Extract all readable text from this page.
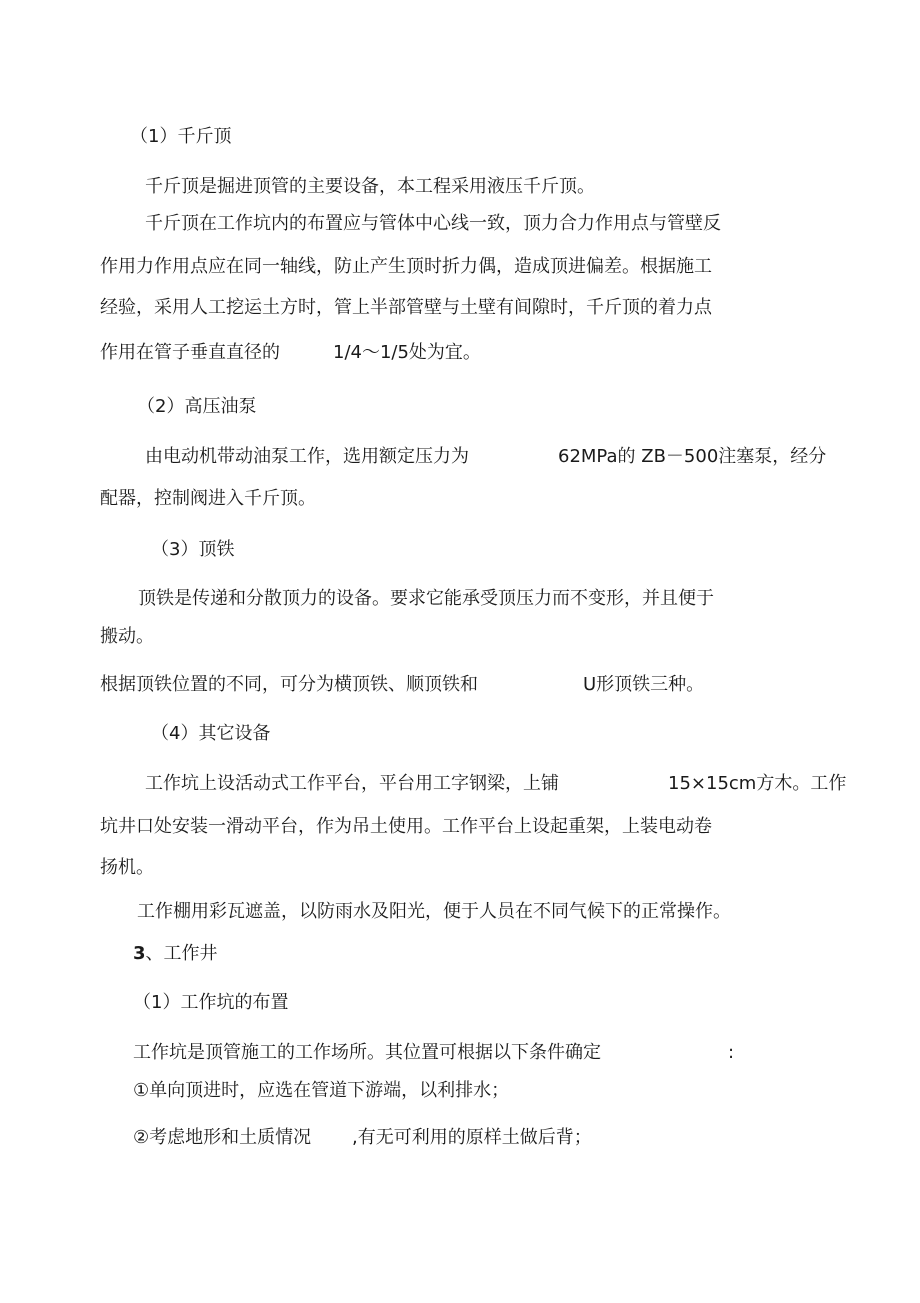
（1）千斤顶
千斤顶是掘进顶管的主要设备，本工程采用液压千斤顶。
千斤顶在工作坑内的布置应与管体中心线一致，顶力合力作用点与管壁反
作用力作用点应在同一轴线，防止产生顶时折力偶，造成顶进偏差。根据施工
经验，采用人工挖运土方时，管上半部管壁与土壁有间隙时，千斤顶的着力点
作用在管子垂直直径的	1/4～1/5处为宜。
（2）高压油泵
由电动机带动油泵工作，选用额定压力为	62MPa的 ZB－500注塞泵，经分
配器，控制阀进入千斤顶。
（3）顶铁
顶铁是传递和分散顶力的设备。要求它能承受顶压力而不变形，并且便于
搬动。
根据顶铁位置的不同，可分为横顶铁、顺顶铁和	U形顶铁三种。
（4）其它设备
工作坑上设活动式工作平台，平台用工字钢梁，上铺	15×15cm方木。工作
坑井口处安装一滑动平台，作为吊土使用。工作平台上设起重架，上装电动卷
扬机。
工作棚用彩瓦遮盖，以防雨水及阳光，便于人员在不同气候下的正常操作。
3、工作井
（1）工作坑的布置
工作坑是顶管施工的工作场所。其位置可根据以下条件确定	:
①单向顶进时，应选在管道下游端，以利排水；
②考虑地形和土质情况 ,有无可利用的原样土做后背；
